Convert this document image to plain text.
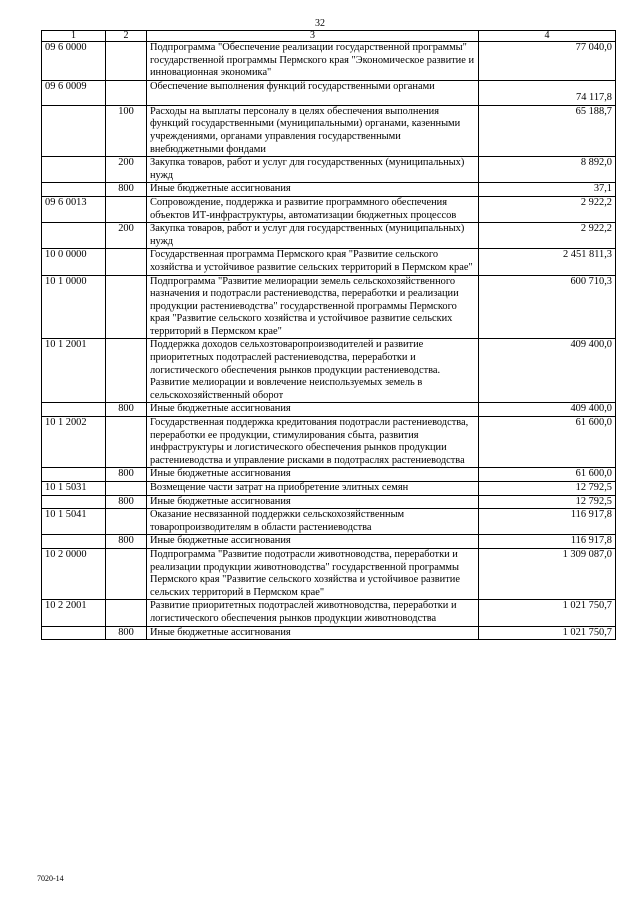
32
1	2	3	4
09 6 0000		Подпрограмма "Обеспечение реализации государственной программы" государственной программы Пермского края "Экономическое развитие и инновационная экономика"	77 040,0
09 6 0009		Обеспечение выполнения функций государственными органами	74 117,8
	100	Расходы на выплаты персоналу в целях обеспечения выполнения функций государственными (муниципальными) органами, казенными учреждениями, органами управления государственными внебюджетными фондами	65 188,7
	200	Закупка товаров, работ и услуг для государственных (муниципальных) нужд	8 892,0
	800	Иные бюджетные ассигнования	37,1
09 6 0013		Сопровождение, поддержка и развитие программного обеспечения объектов ИТ-инфраструктуры, автоматизации бюджетных процессов	2 922,2
	200	Закупка товаров, работ и услуг для государственных (муниципальных) нужд	2 922,2
10 0 0000		Государственная программа Пермского края "Развитие сельского хозяйства и устойчивое развитие сельских территорий в Пермском крае"	2 451 811,3
10 1 0000		Подпрограмма "Развитие мелиорации земель сельскохозяйственного назначения и подотрасли растениеводства, переработки и реализации продукции растениеводства" государственной программы Пермского края "Развитие сельского хозяйства и устойчивое развитие сельских территорий в Пермском крае"	600 710,3
10 1 2001		Поддержка доходов сельхозтоваропроизводителей и развитие приоритетных подотраслей растениеводства, переработки и логистического обеспечения рынков продукции растениеводства. Развитие мелиорации и вовлечение неиспользуемых земель в сельскохозяйственный оборот	409 400,0
	800	Иные бюджетные ассигнования	409 400,0
10 1 2002		Государственная поддержка кредитования подотрасли растениеводства, переработки ее продукции, стимулирования сбыта, развития инфраструктуры и логистического обеспечения рынков продукции растениеводства и управление рисками в подотраслях растениеводства	61 600,0
	800	Иные бюджетные ассигнования	61 600,0
10 1 5031		Возмещение части затрат на приобретение элитных семян	12 792,5
	800	Иные бюджетные ассигнования	12 792,5
10 1 5041		Оказание несвязанной поддержки сельскохозяйственным товаропроизводителям в области растениеводства	116 917,8
	800	Иные бюджетные ассигнования	116 917,8
10 2 0000		Подпрограмма "Развитие подотрасли животноводства, переработки и реализации продукции животноводства" государственной программы Пермского края "Развитие сельского хозяйства и устойчивое развитие сельских территорий в Пермском крае"	1 309 087,0
10 2 2001		Развитие приоритетных подотраслей животноводства, переработки и логистического обеспечения рынков продукции животноводства	1 021 750,7
	800	Иные бюджетные ассигнования	1 021 750,7
7020-14
